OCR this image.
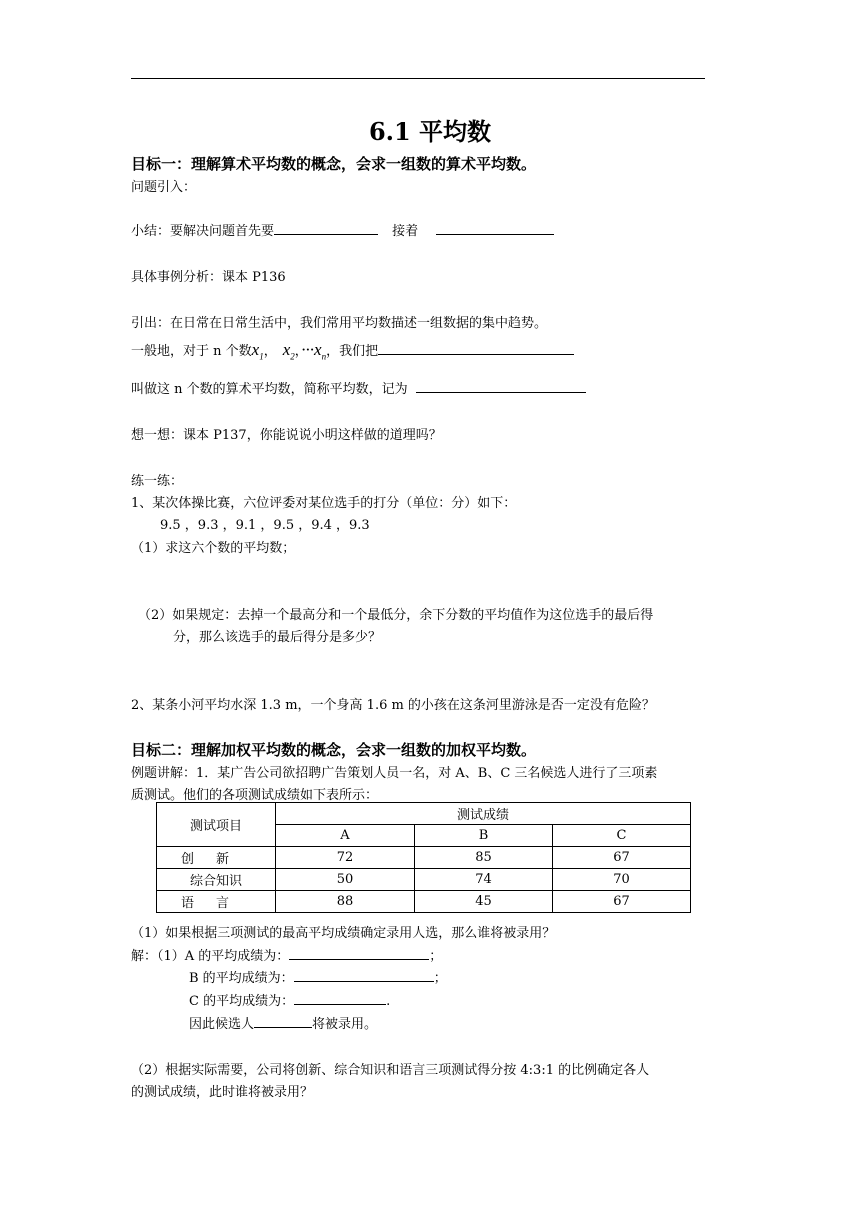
6.1 平均数
目标一：理解算术平均数的概念，会求一组数的算术平均数。
问题引入：
小结：要解决问题首先要	接着
具体事例分析：课本 P136
引出：在日常在日常生活中，我们常用平均数描述一组数据的集中趋势。
一般地，对于 n 个数$x_1$， $x_2$，$\cdot\cdot\cdot x_n$，我们把
叫做这 n 个数的算术平均数，简称平均数，记为
想一想：课本 P137，你能说说小明这样做的道理吗？
练一练：
1、某次体操比赛，六位评委对某位选手的打分（单位：分）如下：
9.5 ，9.3 ，9.1 ，9.5 ，9.4 ，9.3
（1）求这六个数的平均数；
（2）如果规定：去掉一个最高分和一个最低分，余下分数的平均值作为这位选手的最后得
分，那么该选手的最后得分是多少？
2、某条小河平均水深 1.3 m，一个身高 1.6 m 的小孩在这条河里游泳是否一定没有危险？
目标二：理解加权平均数的概念，会求一组数的加权平均数。
例题讲解：1．某广告公司欲招聘广告策划人员一名，对 A、B、C 三名候选人进行了三项素
质测试。他们的各项测试成绩如下表所示：
测试项目	测试成绩		
	A	B	C
创新	72	85	67
综合知识	50	74	70
语言	88	45	67
（1）如果根据三项测试的最高平均成绩确定录用人选，那么谁将被录用？
解：（1）A 的平均成绩为：	；
B 的平均成绩为：	；
C 的平均成绩为：	.
因此候选人	将被录用。
（2）根据实际需要，公司将创新、综合知识和语言三项测试得分按 4:3:1 的比例确定各人
的测试成绩，此时谁将被录用？
